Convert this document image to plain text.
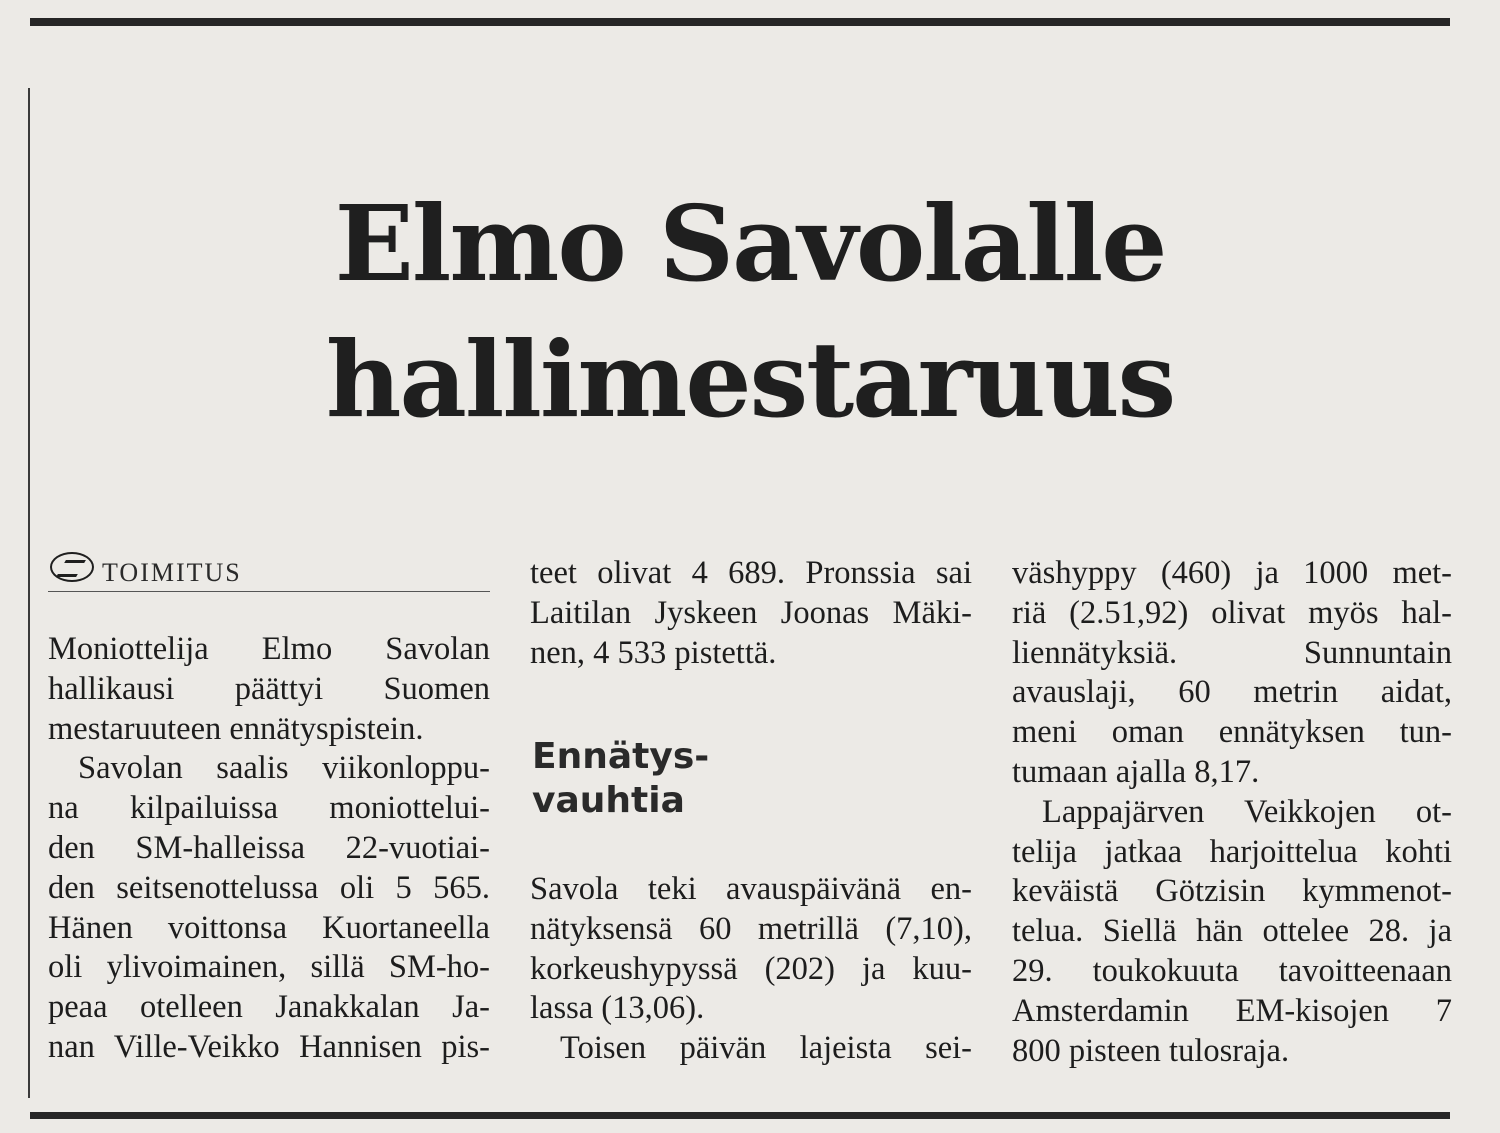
Elmo Savolalle
hallimestaruus
TOIMITUS
Moniottelija Elmo Savolan
hallikausi päättyi Suomen
mestaruuteen ennätyspistein.
Savolan saalis viikonloppu-
na kilpailuissa moniotteluі-
den SM-halleissa 22-vuotiai-
den seitsenottelussa oli 5 565.
Hänen voittonsa Kuortaneella
oli ylivoimainen, sillä SM-ho-
peaa otelleen Janakkalan Ja-
nan Ville-Veikko Hannisen pis-
teet olivat 4 689. Pronssia sai
Laitilan Jyskeen Joonas Mäki-
nen, 4 533 pistettä.
Ennätys-
vauhtia
Savola teki avauspäivänä en-
nätyksensä 60 metrillä (7,10),
korkeushypyssä (202) ja kuu-
lassa (13,06).
Toisen päivän lajeista sei-
väshyppy (460) ja 1000 met-
riä (2.51,92) olivat myös hal-
liennätyksiä. Sunnuntain
avauslaji, 60 metrin aidat,
meni oman ennätyksen tun-
tumaan ajalla 8,17.
Lappajärven Veikkojen ot-
telija jatkaa harjoittelua kohti
keväistä Götzisin kymmenot-
telua. Siellä hän ottelee 28. ja
29. toukokuuta tavoitteenaan
Amsterdamin EM-kisojen 7
800 pisteen tulosraja.
